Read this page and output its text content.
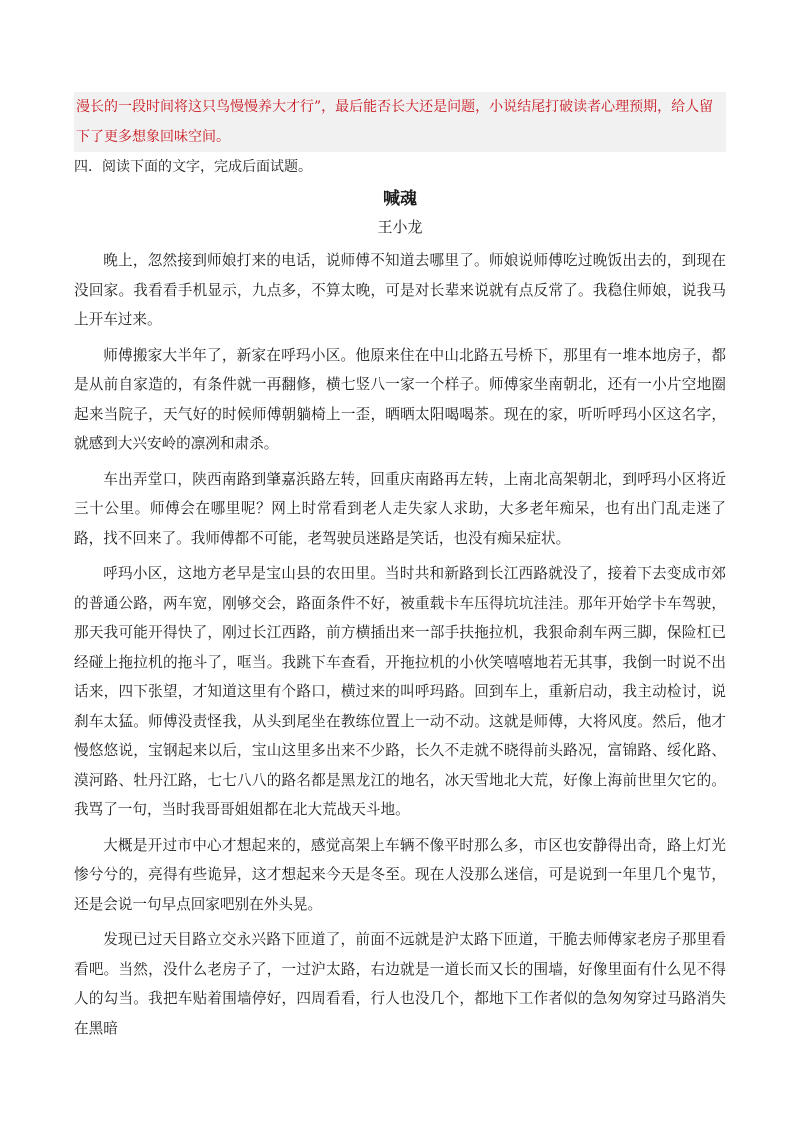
漫长的一段时间将这只鸟慢慢养大才行”，最后能否长大还是问题，小说结尾打破读者心理预期，给人留下了更多想象回味空间。
四．阅读下面的文字，完成后面试题。
喊魂
王小龙

晚上，忽然接到师娘打来的电话，说师傅不知道去哪里了。师娘说师傅吃过晚饭出去的，到现在没回家。我看看手机显示，九点多，不算太晚，可是对长辈来说就有点反常了。我稳住师娘，说我马上开车过来。

师傅搬家大半年了，新家在呼玛小区。他原来住在中山北路五号桥下，那里有一堆本地房子，都是从前自家造的，有条件就一再翻修，横七竖八一家一个样子。师傅家坐南朝北，还有一小片空地圈起来当院子，天气好的时候师傅朝躺椅上一歪，晒晒太阳喝喝茶。现在的家，听听呼玛小区这名字，就感到大兴安岭的凛冽和肃杀。

车出弄堂口，陕西南路到肇嘉浜路左转，回重庆南路再左转，上南北高架朝北，到呼玛小区将近三十公里。师傅会在哪里呢？网上时常看到老人走失家人求助，大多老年痴呆，也有出门乱走迷了路，找不回来了。我师傅都不可能，老驾驶员迷路是笑话，也没有痴呆症状。

呼玛小区，这地方老早是宝山县的农田里。当时共和新路到长江西路就没了，接着下去变成市郊的普通公路，两车宽，刚够交会，路面条件不好，被重载卡车压得坑坑洼洼。那年开始学卡车驾驶，那天我可能开得快了，刚过长江西路，前方横插出来一部手扶拖拉机，我狠命刹车两三脚，保险杠已经碰上拖拉机的拖斗了，哐当。我跳下车查看，开拖拉机的小伙笑嘻嘻地若无其事，我倒一时说不出话来，四下张望，才知道这里有个路口，横过来的叫呼玛路。回到车上，重新启动，我主动检讨，说刹车太猛。师傅没责怪我，从头到尾坐在教练位置上一动不动。这就是师傅，大将风度。然后，他才慢悠悠说，宝钢起来以后，宝山这里多出来不少路，长久不走就不晓得前头路况，富锦路、绥化路、漠河路、牡丹江路，七七八八的路名都是黑龙江的地名，冰天雪地北大荒，好像上海前世里欠它的。我骂了一句，当时我哥哥姐姐都在北大荒战天斗地。

大概是开过市中心才想起来的，感觉高架上车辆不像平时那么多，市区也安静得出奇，路上灯光惨兮兮的，亮得有些诡异，这才想起来今天是冬至。现在人没那么迷信，可是说到一年里几个鬼节，还是会说一句早点回家吧别在外头晃。

发现已过天目路立交永兴路下匝道了，前面不远就是沪太路下匝道，干脆去师傅家老房子那里看看吧。当然，没什么老房子了，一过沪太路，右边就是一道长而又长的围墙，好像里面有什么见不得人的勾当。我把车贴着围墙停好，四周看看，行人也没几个，都地下工作者似的急匆匆穿过马路消失在黑暗
